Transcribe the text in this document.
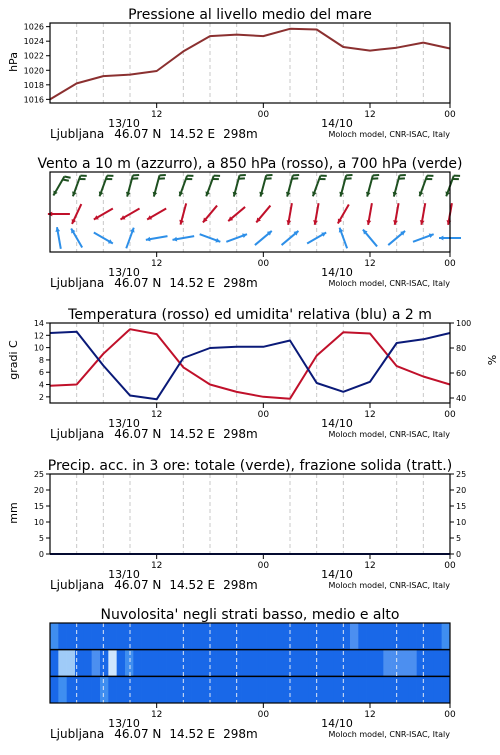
Pressione al livello medio del mare
Vento a 10 m (azzurro), a 850 hPa (rosso), a 700 hPa (verde)
Temperatura (rosso) ed umidita' relativa (blu) a 2 m
Precip. acc. in 3 ore: totale (verde), frazione solida (tratt.)
Nuvolosita' negli strati basso, medio e alto
hPa
gradi C	%
mm
12	00	12	00
13/10	14/10
Ljubljana 46.07 N 14.52 E 298m	Moloch model, CNR-ISAC, Italy
12	00	12	00
13/10	14/10
Ljubljana 46.07 N 14.52 E 298m	Moloch model, CNR-ISAC, Italy
12	00	12	00
13/10	14/10
Ljubljana 46.07 N 14.52 E 298m	Moloch model, CNR-ISAC, Italy
12	00	12	00
13/10	14/10
Ljubljana 46.07 N 14.52 E 298m	Moloch model, CNR-ISAC, Italy
12	00	12	00
13/10	14/10
Ljubljana 46.07 N 14.52 E 298m	Moloch model, CNR-ISAC, Italy
1016
1018
1020
1022
1024
1026
2
4
6
8
10
12
14
40
60
80
100
0
5
10
15
20
25
0
5
10
15
20
25
